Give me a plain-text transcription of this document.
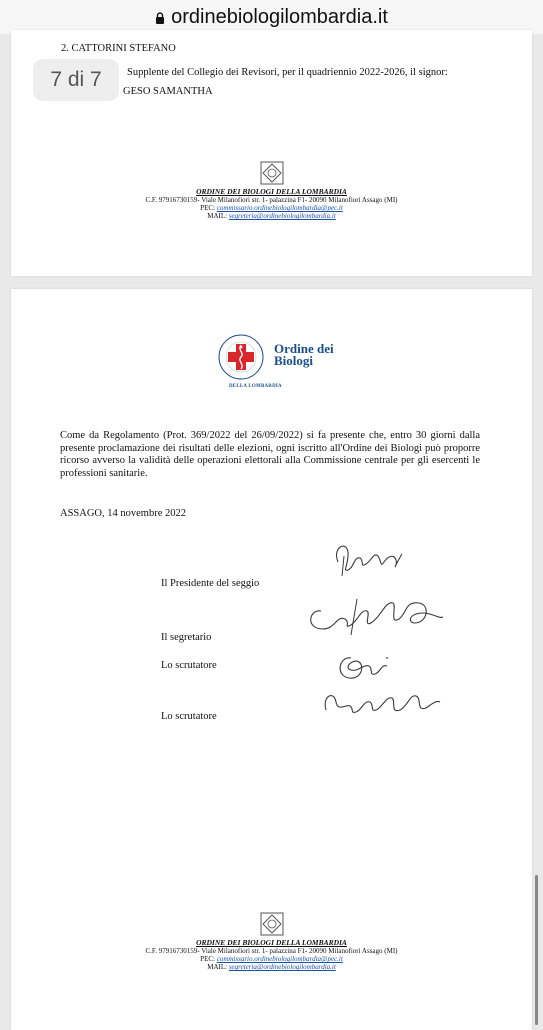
ordinebiologilombardia.it
2. CATTORINI STEFANO
Supplente del Collegio dei Revisori, per il quadriennio 2022-2026, il signor:
GESO SAMANTHA
ORDINE DEI BIOLOGI DELLA LOMBARDIA
C.F. 97916730159- Viale Milanofiori str. 1- palazzina F1- 20090 Milanofiori Assago (MI)
PEC: commissario.ordinebiologilombardia@pec.it
MAIL: segreteria@ordinebiologilombardia.it
7 di 7
Ordine dei
Biologi
DELLA LOMBARDIA
Come da Regolamento (Prot. 369/2022 del 26/09/2022) si fa presente che, entro 30 giorni dalla presente proclamazione dei risultati delle elezioni, ogni iscritto all'Ordine dei Biologi può proporre ricorso avverso la validità delle operazioni elettorali alla Commissione centrale per gli esercenti le professioni sanitarie.
ASSAGO, 14 novembre 2022
Il Presidente del seggio
Il segretario
Lo scrutatore
Lo scrutatore
ORDINE DEI BIOLOGI DELLA LOMBARDIA
C.F. 97916730159- Viale Milanofiori str. 1- palazzina F1- 20090 Milanofiori Assago (MI)
PEC: commissario.ordinebiologilombardia@pec.it
MAIL: segreteria@ordinebiologilombardia.it
